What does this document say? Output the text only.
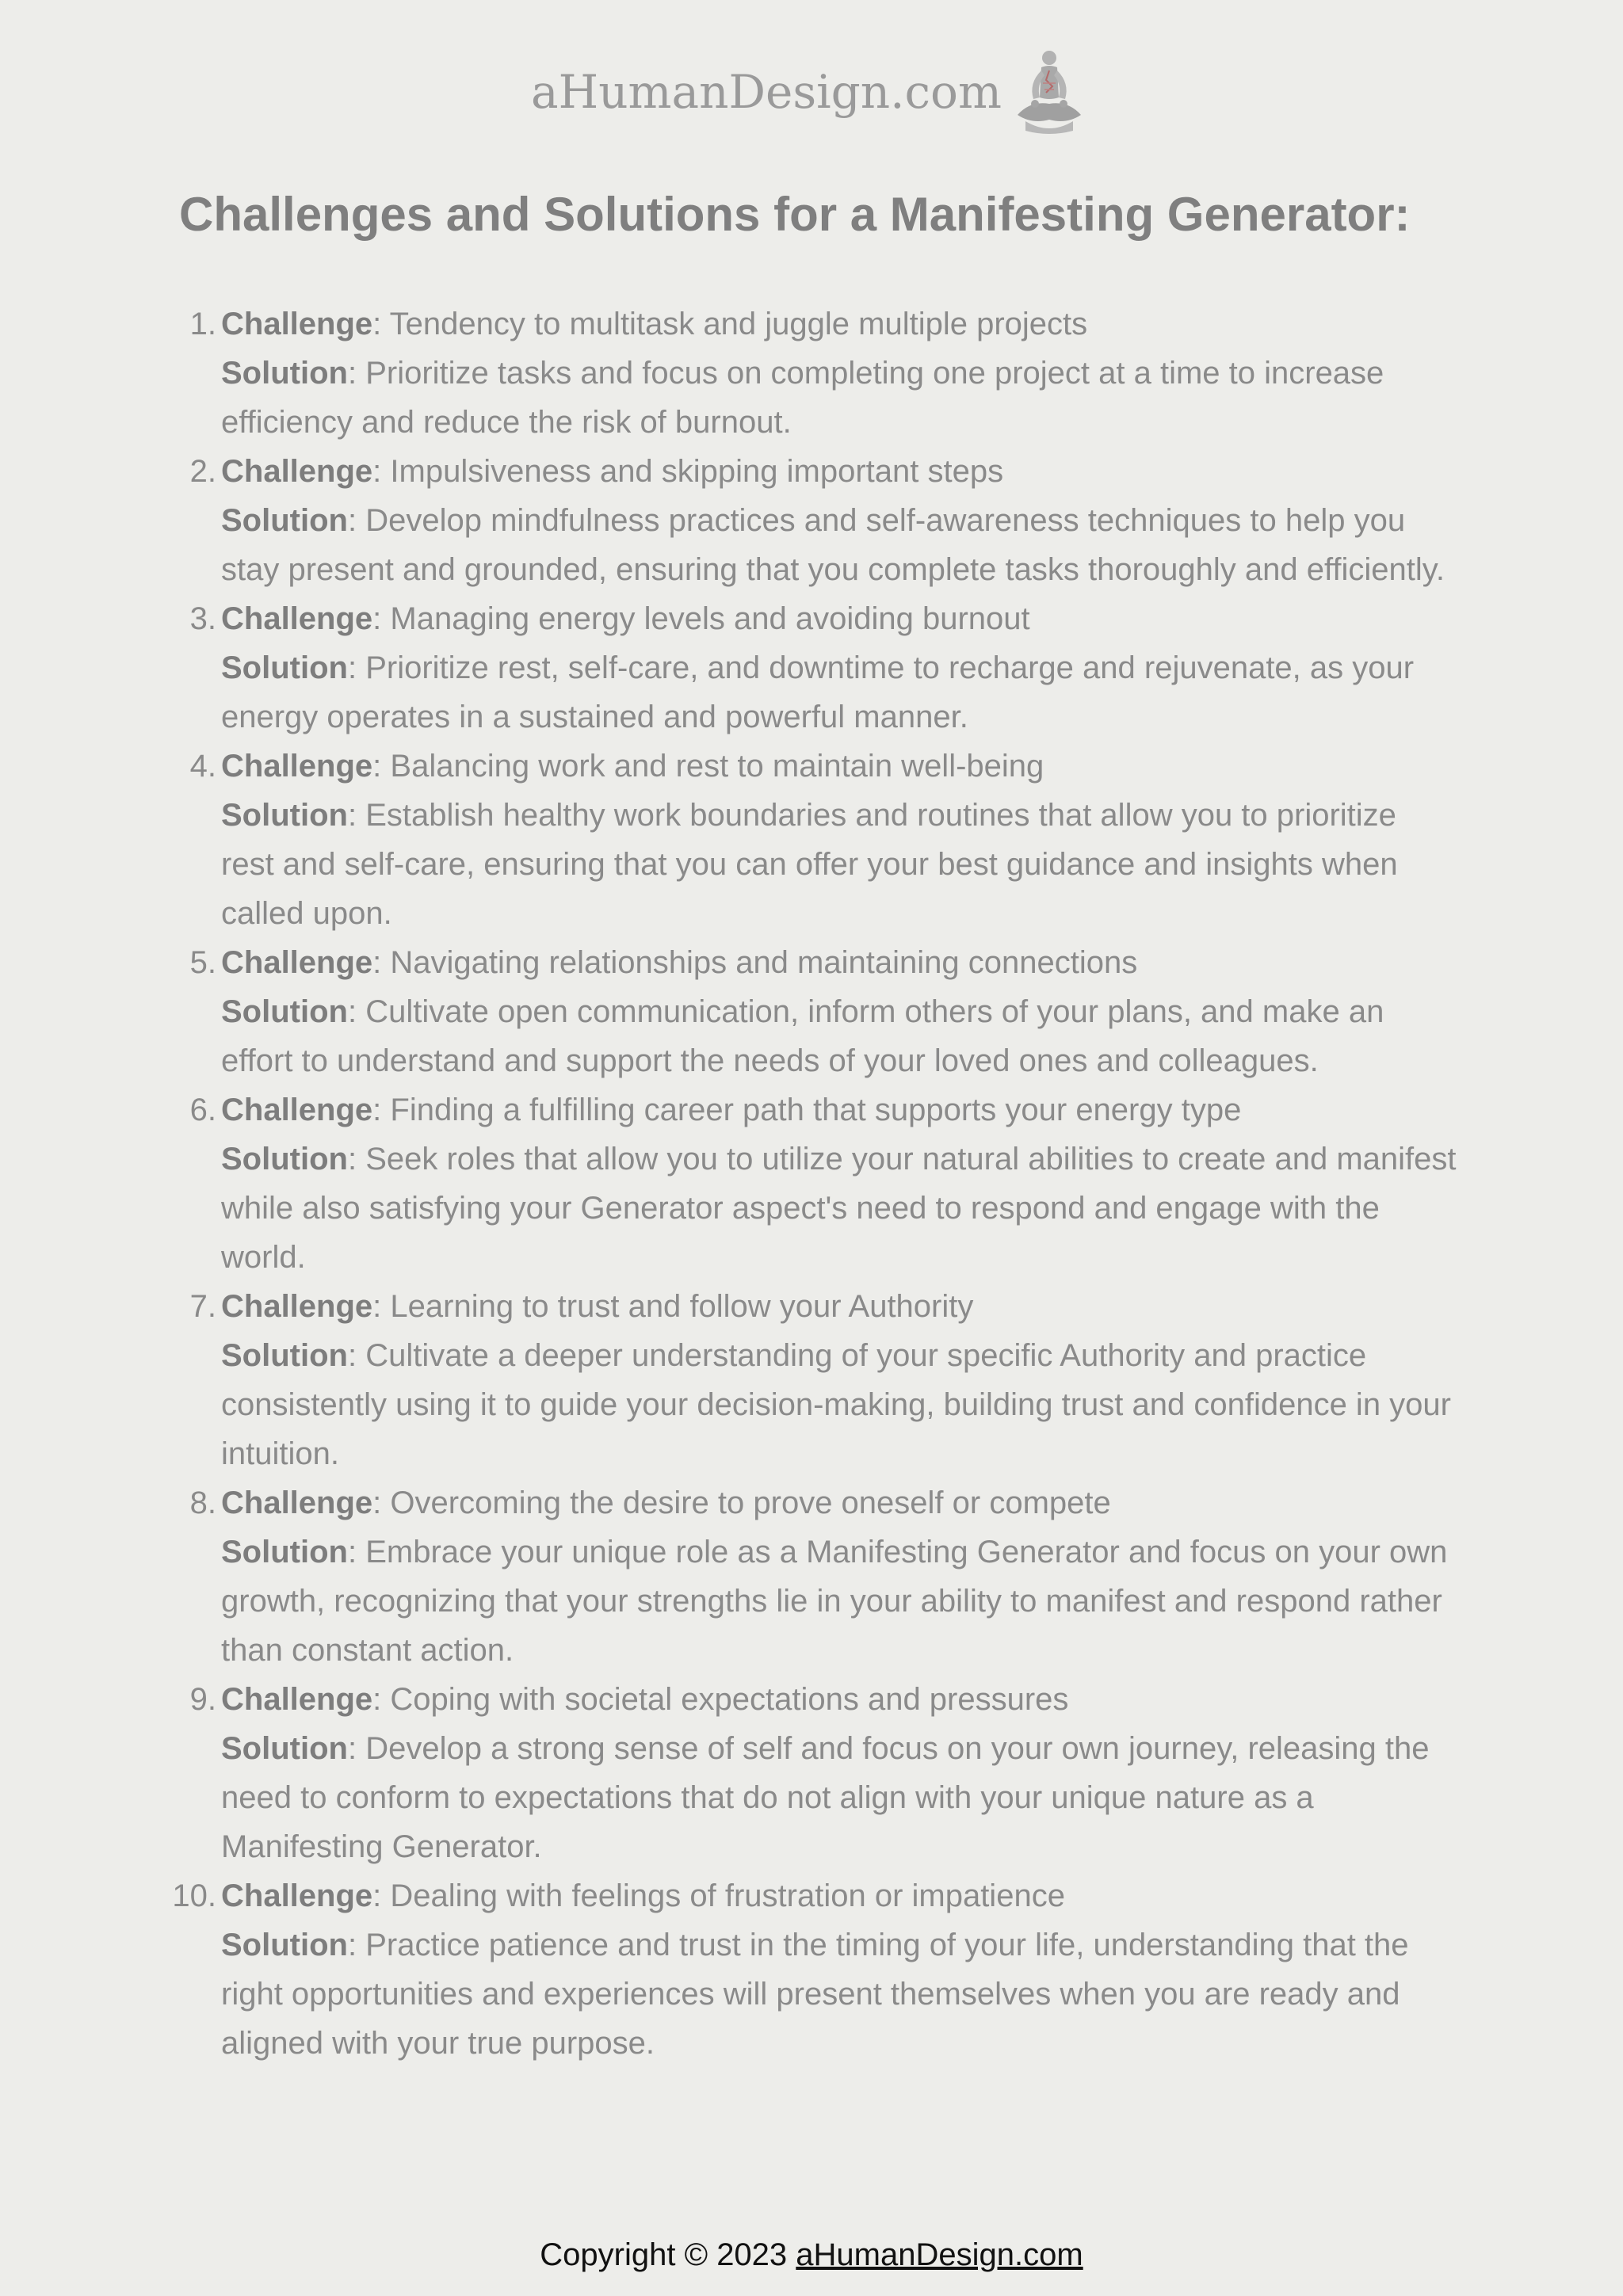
aHumanDesign.com
Challenges and Solutions for a Manifesting Generator:
1. Challenge: Tendency to multitask and juggle multiple projects
Solution: Prioritize tasks and focus on completing one project at a time to increase efficiency and reduce the risk of burnout.
2. Challenge: Impulsiveness and skipping important steps
Solution: Develop mindfulness practices and self-awareness techniques to help you stay present and grounded, ensuring that you complete tasks thoroughly and efficiently.
3. Challenge: Managing energy levels and avoiding burnout
Solution: Prioritize rest, self-care, and downtime to recharge and rejuvenate, as your energy operates in a sustained and powerful manner.
4. Challenge: Balancing work and rest to maintain well-being
Solution: Establish healthy work boundaries and routines that allow you to prioritize rest and self-care, ensuring that you can offer your best guidance and insights when called upon.
5. Challenge: Navigating relationships and maintaining connections
Solution: Cultivate open communication, inform others of your plans, and make an effort to understand and support the needs of your loved ones and colleagues.
6. Challenge: Finding a fulfilling career path that supports your energy type
Solution: Seek roles that allow you to utilize your natural abilities to create and manifest while also satisfying your Generator aspect's need to respond and engage with the world.
7. Challenge: Learning to trust and follow your Authority
Solution: Cultivate a deeper understanding of your specific Authority and practice consistently using it to guide your decision-making, building trust and confidence in your intuition.
8. Challenge: Overcoming the desire to prove oneself or compete
Solution: Embrace your unique role as a Manifesting Generator and focus on your own growth, recognizing that your strengths lie in your ability to manifest and respond rather than constant action.
9. Challenge: Coping with societal expectations and pressures
Solution: Develop a strong sense of self and focus on your own journey, releasing the need to conform to expectations that do not align with your unique nature as a Manifesting Generator.
10. Challenge: Dealing with feelings of frustration or impatience
Solution: Practice patience and trust in the timing of your life, understanding that the right opportunities and experiences will present themselves when you are ready and aligned with your true purpose.
Copyright © 2023 aHumanDesign.com
